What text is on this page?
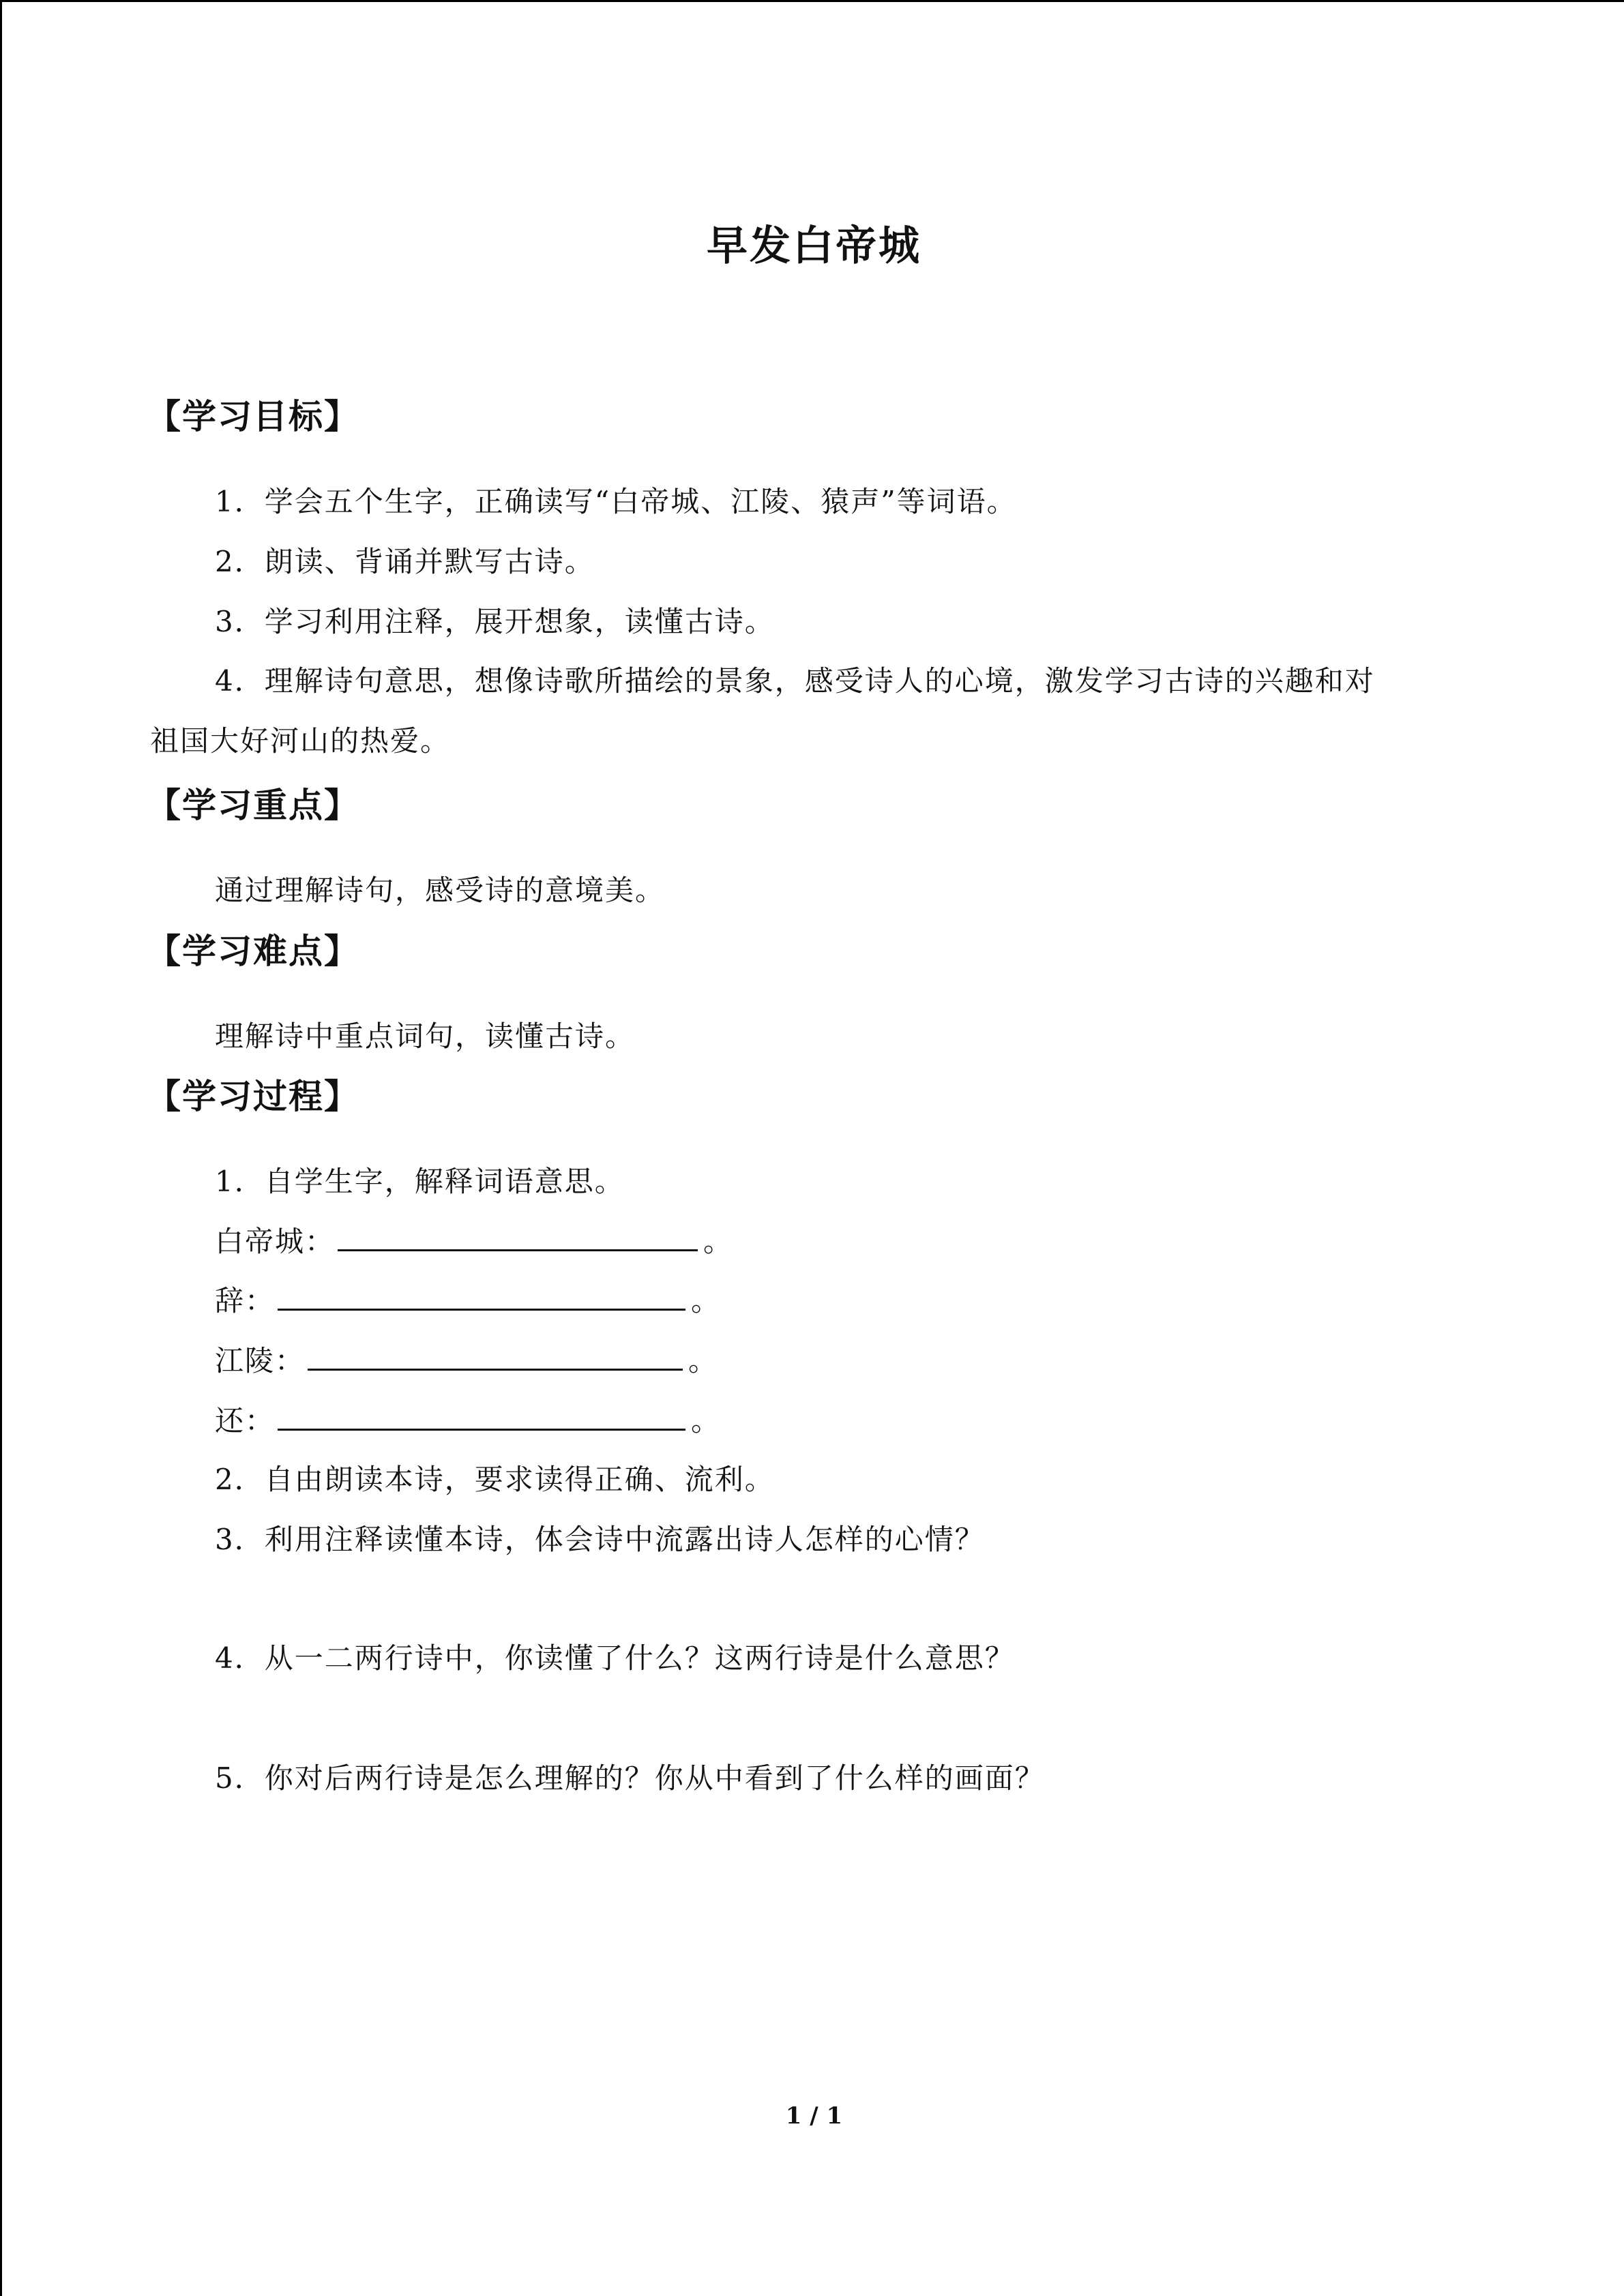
早发白帝城
【学习目标】
1．学会五个生字，正确读写“白帝城、江陵、猿声”等词语。
2．朗读、背诵并默写古诗。
3．学习利用注释，展开想象，读懂古诗。
4．理解诗句意思，想像诗歌所描绘的景象，感受诗人的心境，激发学习古诗的兴趣和对
祖国大好河山的热爱。
【学习重点】
通过理解诗句，感受诗的意境美。
【学习难点】
理解诗中重点词句，读懂古诗。
【学习过程】
1．自学生字，解释词语意思。
白帝城：	。
辞：	。
江陵：	。
还：	。
2．自由朗读本诗，要求读得正确、流利。
3．利用注释读懂本诗，体会诗中流露出诗人怎样的心情？
4．从一二两行诗中，你读懂了什么？这两行诗是什么意思？
5．你对后两行诗是怎么理解的？你从中看到了什么样的画面？
1 / 1
